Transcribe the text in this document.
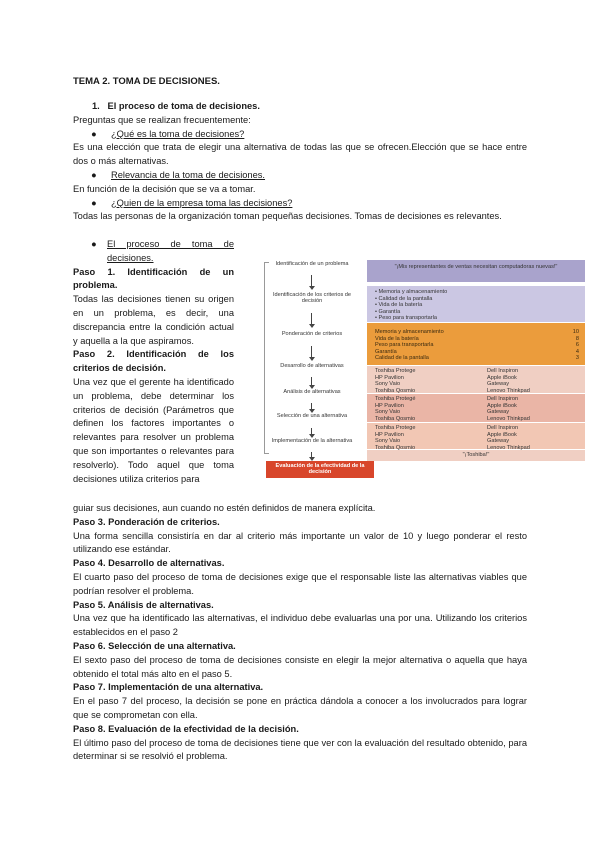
TEMA 2. TOMA DE DECISIONES.

1. El proceso de toma de decisiones.

Preguntas que se realizan frecuentemente:

● ¿Qué es la toma de decisiones?

Es una elección que trata de elegir una alternativa de todas las que se ofrecen.Elección que se hace entre dos o más alternativas.

● Relevancia de la toma de decisiones.

En función de la decisión que se va a tomar.

● ¿Quien de la empresa toma las decisiones?

Todas las personas de la organización toman pequeñas decisiones. Tomas de decisiones es relevantes.

● El proceso de toma de decisiones.

Paso 1. Identificación de un problema.

Todas las decisiones tienen su origen en un problema, es decir, una discrepancia entre la condición actual y aquella a la que aspiramos.

Paso 2. Identificación de los criterios de decisión.

Una vez que el gerente ha identificado un problema, debe determinar los criterios de decisión (Parámetros que definen los factores importantes o relevantes para resolver un problema que son importantes o relevantes para resolverlo). Todo aquel que toma decisiones utiliza criterios para

Identificación de un problema
Identificación de los criterios de decisión
Ponderación de criterios
Desarrollo de alternativas
Análisis de alternativas
Selección de una alternativa
Implementación de la alternativa
Evaluación de la efectividad de la decisión
"¡Mis representantes de ventas necesitan computadoras nuevas!"
• Memoria y almacenamiento
• Calidad de la pantalla
• Vida de la batería
• Garantía
• Peso para transportarla
Memoria y almacenamiento	10
Vida de la batería	8
Peso para transportarla	6
Garantía	4
Calidad de la pantalla	3
Toshiba Protege	Dell Inspiron
HP Pavilion	Apple iBook
Sony Vaio	Gateway
Toshiba Qosmio	Lenovo Thinkpad
Toshiba Protegé	Dell Inspiron
HP Pavilion	Apple iBook
Sony Vaio	Gateway
Toshiba Qosmio	Lenovo Thinkpad
Toshiba Protege	Dell Inspiron
HP Pavilion	Apple iBook
Sony Vaio	Gateway
Toshiba Qosmio	Lenovo Thinkpad
"¡Toshiba!"

guiar sus decisiones, aun cuando no estén definidos de manera explícita.

Paso 3. Ponderación de criterios.

Una forma sencilla consistiría en dar al criterio más importante un valor de 10 y luego ponderar el resto utilizando ese estándar.

Paso 4. Desarrollo de alternativas.

El cuarto paso del proceso de toma de decisiones exige que el responsable liste las alternativas viables que podrían resolver el problema.

Paso 5. Análisis de alternativas.

Una vez que ha identificado las alternativas, el individuo debe evaluarlas una por una. Utilizando los criterios establecidos en el paso 2

Paso 6. Selección de una alternativa.

El sexto paso del proceso de toma de decisiones consiste en elegir la mejor alternativa o aquella que haya obtenido el total más alto en el paso 5.

Paso 7. Implementación de una alternativa.

En el paso 7 del proceso, la decisión se pone en práctica dándola a conocer a los involucrados para lograr que se comprometan con ella.

Paso 8. Evaluación de la efectividad de la decisión.

El último paso del proceso de toma de decisiones tiene que ver con la evaluación del resultado obtenido, para determinar si se resolvió el problema.
